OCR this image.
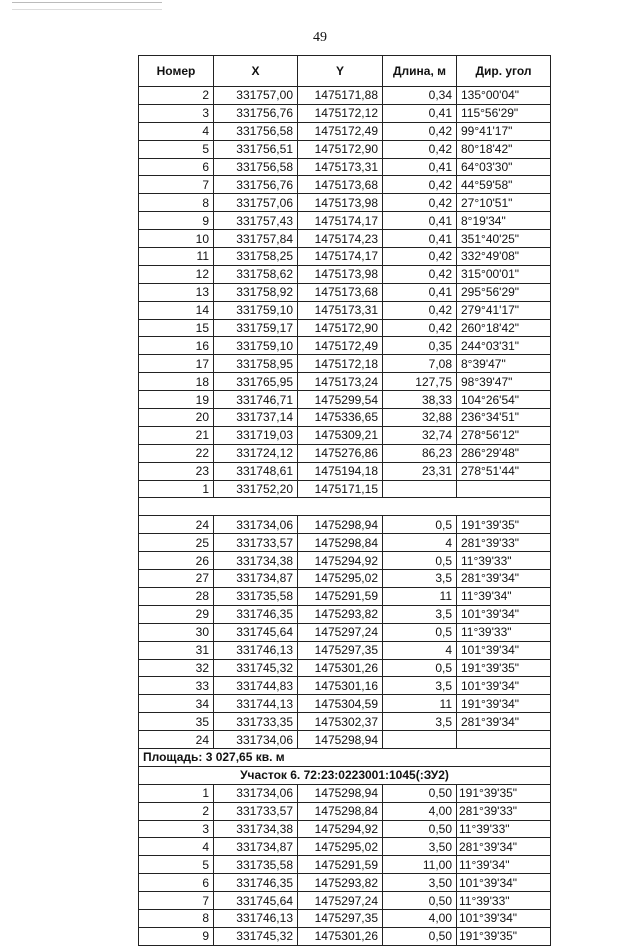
49
Номер	X	Y	Длина, м	Дир. угол
2	331757,00	1475171,88	0,34	135°00'04"
3	331756,76	1475172,12	0,41	115°56'29"
4	331756,58	1475172,49	0,42	99°41'17"
5	331756,51	1475172,90	0,42	80°18'42"
6	331756,58	1475173,31	0,41	64°03'30"
7	331756,76	1475173,68	0,42	44°59'58"
8	331757,06	1475173,98	0,42	27°10'51"
9	331757,43	1475174,17	0,41	8°19'34"
10	331757,84	1475174,23	0,41	351°40'25"
11	331758,25	1475174,17	0,42	332°49'08"
12	331758,62	1475173,98	0,42	315°00'01"
13	331758,92	1475173,68	0,41	295°56'29"
14	331759,10	1475173,31	0,42	279°41'17"
15	331759,17	1475172,90	0,42	260°18'42"
16	331759,10	1475172,49	0,35	244°03'31"
17	331758,95	1475172,18	7,08	8°39'47"
18	331765,95	1475173,24	127,75	98°39'47"
19	331746,71	1475299,54	38,33	104°26'54"
20	331737,14	1475336,65	32,88	236°34'51"
21	331719,03	1475309,21	32,74	278°56'12"
22	331724,12	1475276,86	86,23	286°29'48"
23	331748,61	1475194,18	23,31	278°51'44"
1	331752,20	1475171,15		

24	331734,06	1475298,94	0,5	191°39'35"
25	331733,57	1475298,84	4	281°39'33"
26	331734,38	1475294,92	0,5	11°39'33"
27	331734,87	1475295,02	3,5	281°39'34"
28	331735,58	1475291,59	11	11°39'34"
29	331746,35	1475293,82	3,5	101°39'34"
30	331745,64	1475297,24	0,5	11°39'33"
31	331746,13	1475297,35	4	101°39'34"
32	331745,32	1475301,26	0,5	191°39'35"
33	331744,83	1475301,16	3,5	101°39'34"
34	331744,13	1475304,59	11	191°39'34"
35	331733,35	1475302,37	3,5	281°39'34"
24	331734,06	1475298,94		
Площадь: 3 027,65 кв. м				
Участок 6. 72:23:0223001:1045(:ЗУ2)				
1	331734,06	1475298,94	0,50	191°39'35"
2	331733,57	1475298,84	4,00	281°39'33"
3	331734,38	1475294,92	0,50	11°39'33"
4	331734,87	1475295,02	3,50	281°39'34"
5	331735,58	1475291,59	11,00	11°39'34"
6	331746,35	1475293,82	3,50	101°39'34"
7	331745,64	1475297,24	0,50	11°39'33"
8	331746,13	1475297,35	4,00	101°39'34"
9	331745,32	1475301,26	0,50	191°39'35"
